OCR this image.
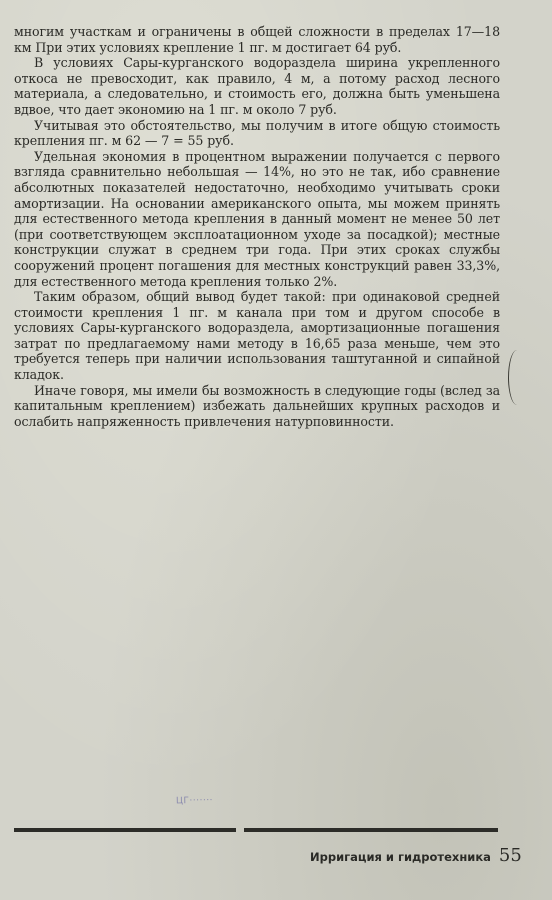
многим участкам и ограничены в общей сложности в пределах 17—18 км При этих условиях крепление 1 пг. м достигает 64 руб.

В условиях Сары-курганского водораздела ширина укрепленного откоса не превосходит, как правило, 4 м, а потому расход лесного материала, а следовательно, и стоимость его, должна быть уменьшена вдвое, что дает экономию на 1 пг. м около 7 руб.

Учитывая это обстоятельство, мы получим в итоге общую стоимость крепления пг. м 62 — 7 = 55 руб.

Удельная экономия в процентном выражении получается с первого взгляда сравнительно небольшая — 14%, но это не так, ибо сравнение абсолютных показателей недостаточно, необходимо учитывать сроки амортизации. На основании американского опыта, мы можем принять для естественного метода крепления в данный момент не менее 50 лет (при соответствующем эксплоатационном уходе за посадкой); местные конструкции служат в среднем три года. При этих сроках службы сооружений процент погашения для местных конструкций равен 33,3%, для естественного метода крепления только 2%.

Таким образом, общий вывод будет такой: при одинаковой средней стоимости крепления 1 пг. м канала при том и другом способе в условиях Сары-курганского водораздела, амортизационные погашения затрат по предлагаемому нами методу в 16,65 раза меньше, чем это требуется теперь при наличии использования таштуганной и сипайной кладок.

Иначе говоря, мы имели бы возможность в следующие годы (вслед за капитальным креплением) избежать дальнейших крупных расходов и ослабить напряженность привлечения натурповинности.

ЦГ·······
Ирригация и гидротехника 55
